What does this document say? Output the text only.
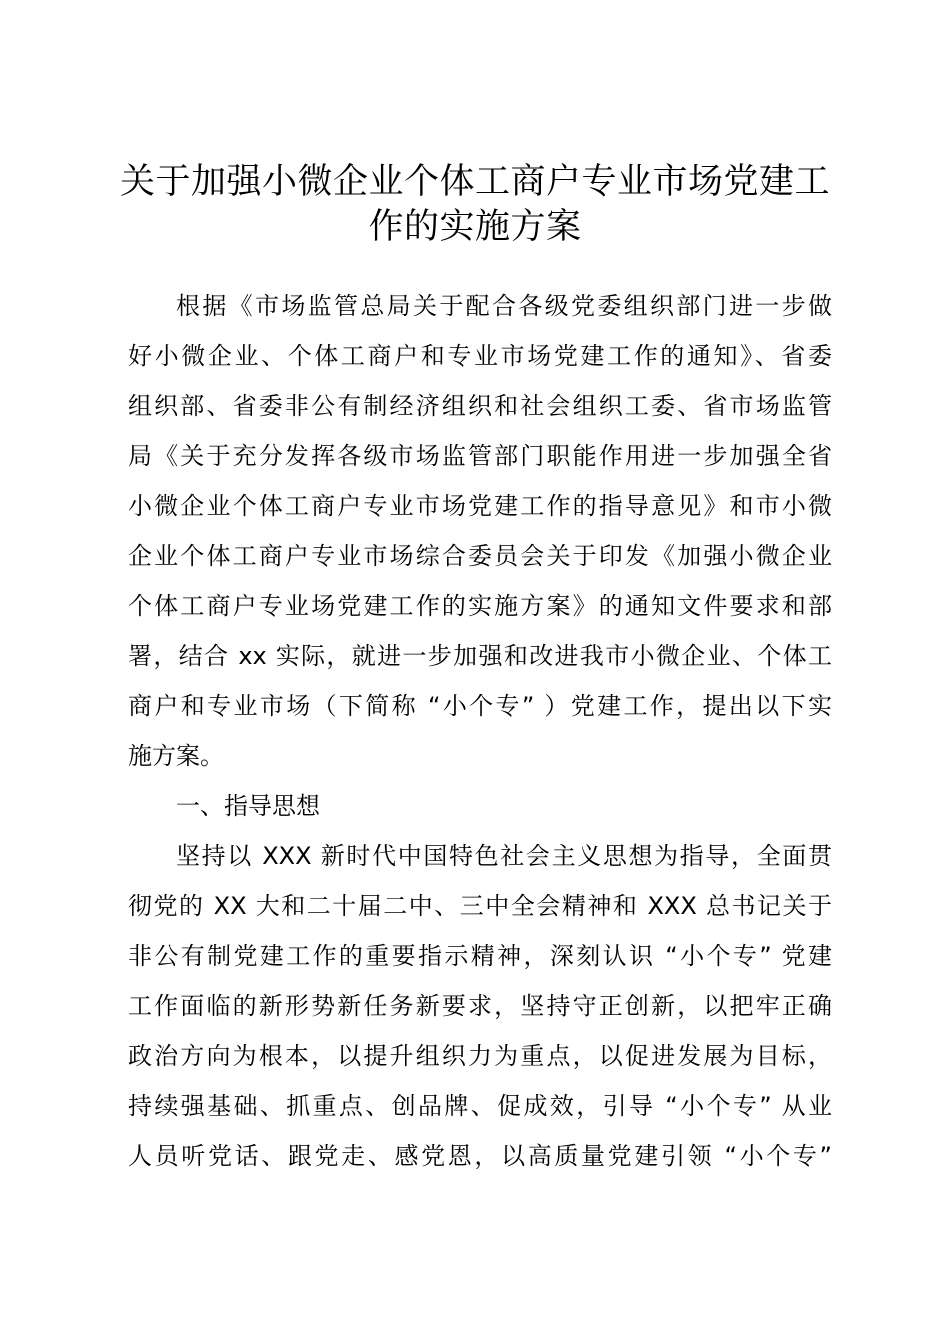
关于加强小微企业个体工商户专业市场党建工
作的实施方案

根据《市场监管总局关于配合各级党委组织部门进一步做

好小微企业、个体工商户和专业市场党建工作的通知》、省委

组织部、省委非公有制经济组织和社会组织工委、省市场监管

局《关于充分发挥各级市场监管部门职能作用进一步加强全省

小微企业个体工商户专业市场党建工作的指导意见》和市小微

企业个体工商户专业市场综合委员会关于印发《加强小微企业

个体工商户专业场党建工作的实施方案》的通知文件要求和部

署，结合 xx 实际，就进一步加强和改进我市小微企业、个体工

商户和专业市场（下简称 “小个专” ）党建工作，提出以下实

施方案。

一、指导思想

坚持以 XXX 新时代中国特色社会主义思想为指导，全面贯

彻党的 XX 大和二十届二中、三中全会精神和 XXX 总书记关于

非公有制党建工作的重要指示精神，深刻认识 “小个专” 党建

工作面临的新形势新任务新要求，坚持守正创新，以把牢正确

政治方向为根本，以提升组织力为重点，以促进发展为目标，

持续强基础、抓重点、创品牌、促成效，引导 “小个专” 从业

人员听党话、跟党走、感党恩，以高质量党建引领 “小个专”
